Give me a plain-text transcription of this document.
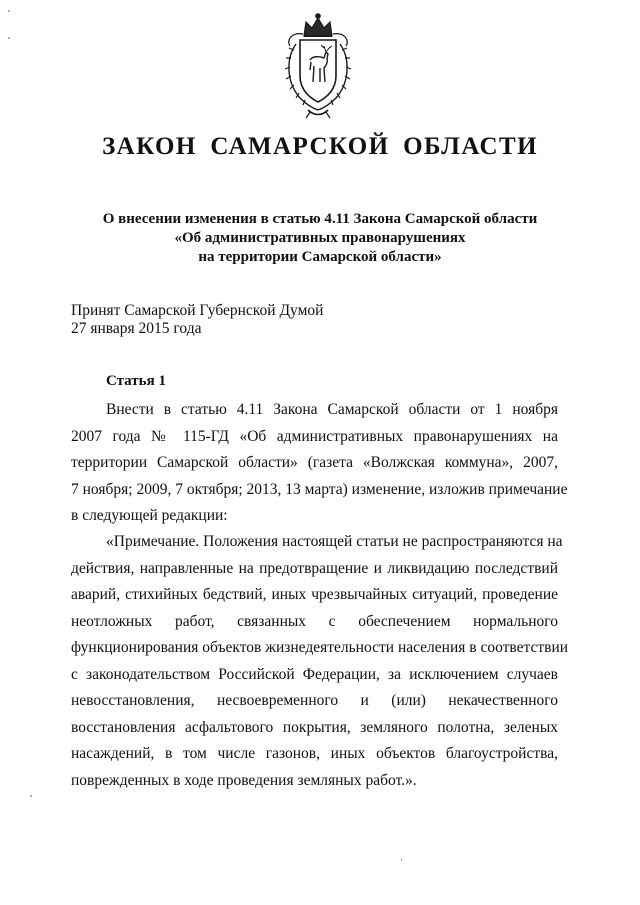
ЗАКОН САМАРСКОЙ ОБЛАСТИ
О внесении изменения в статью 4.11 Закона Самарской области
«Об административных правонарушениях
на территории Самарской области»
Принят Самарской Губернской Думой
27 января 2015 года
Статья 1
Внести в статью 4.11 Закона Самарской области от 1 ноября
2007 года № 115-ГД «Об административных правонарушениях на
территории Самарской области» (газета «Волжская коммуна», 2007,
7 ноября; 2009, 7 октября; 2013, 13 марта) изменение, изложив примечание
в следующей редакции:
«Примечание. Положения настоящей статьи не распространяются на
действия, направленные на предотвращение и ликвидацию последствий
аварий, стихийных бедствий, иных чрезвычайных ситуаций, проведение
неотложных работ, связанных с обеспечением нормального
функционирования объектов жизнедеятельности населения в соответствии
с законодательством Российской Федерации, за исключением случаев
невосстановления, несвоевременного и (или) некачественного
восстановления асфальтового покрытия, земляного полотна, зеленых
насаждений, в том числе газонов, иных объектов благоустройства,
поврежденных в ходе проведения земляных работ.».
